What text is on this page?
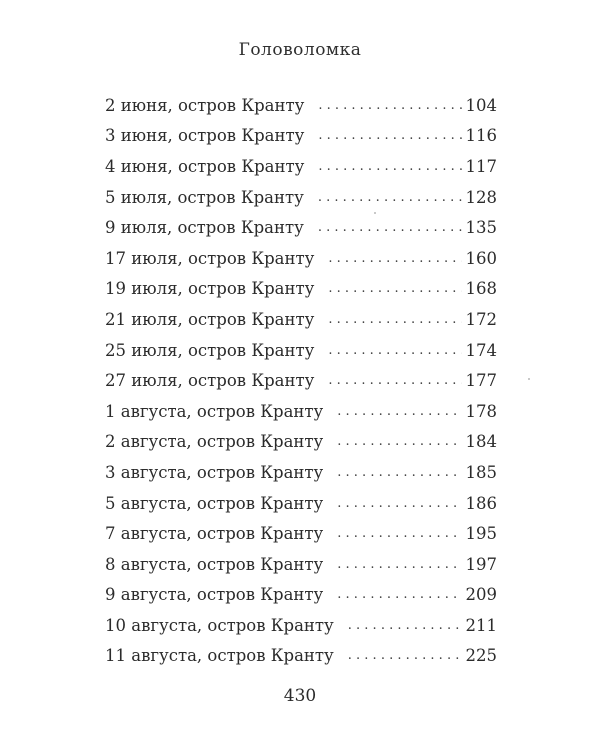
Головоломка
2 июня, остров Кранту . . .	104
3 июня, остров Кранту . . .	116
4 июня, остров Кранту . . .	117
5 июля, остров Кранту . . .	128
9 июля, остров Кранту . . .	135
17 июля, остров Кранту . . .	160
19 июля, остров Кранту . . .	168
21 июля, остров Кранту . . .	172
25 июля, остров Кранту . . .	174
27 июля, остров Кранту . . .	177
1 августа, остров Кранту . . .	178
2 августа, остров Кранту . . .	184
3 августа, остров Кранту . . .	185
5 августа, остров Кранту . . .	186
7 августа, остров Кранту . . .	195
8 августа, остров Кранту . . .	197
9 августа, остров Кранту . . .	209
10 августа, остров Кранту . . .	211
11 августа, остров Кранту . . .	225
430
